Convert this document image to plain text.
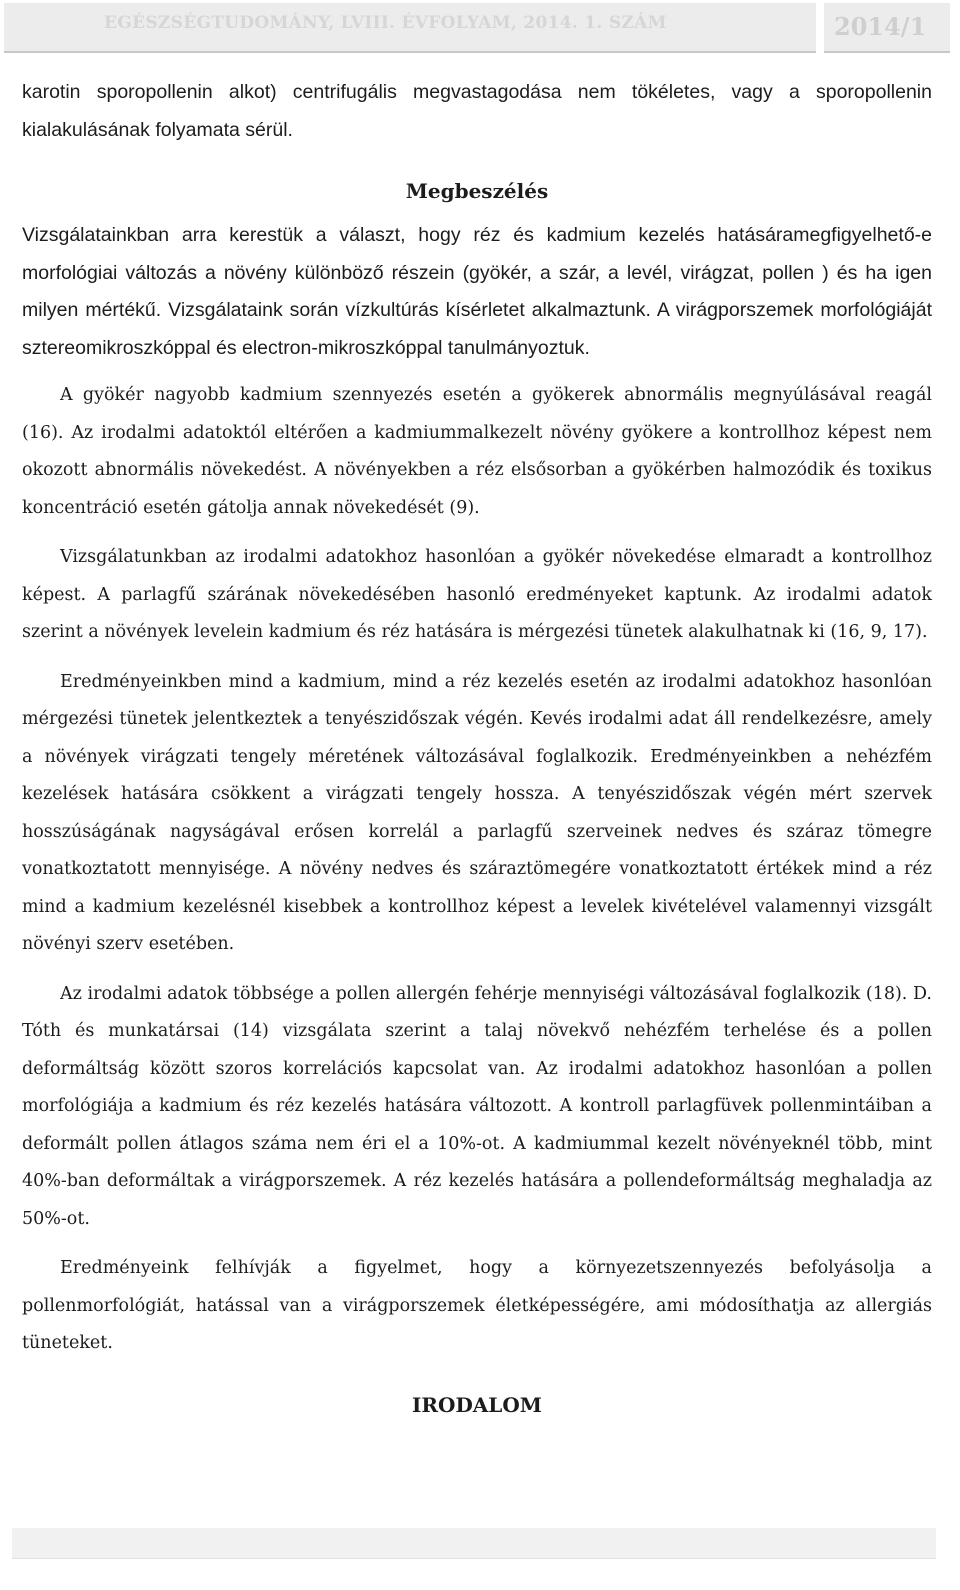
EGÉSZSÉGTUDOMÁNY, LVIII. ÉVFOLYAM, 2014. 1. SZÁM	2014/1

karotin sporopollenin alkot) centrifugális megvastagodása nem tökéletes, vagy a sporopollenin kialakulásának folyamata sérül.

Megbeszélés

Vizsgálatainkban arra kerestük a választ, hogy réz és kadmium kezelés hatásáramegfigyelhető-e morfológiai változás a növény különböző részein (gyökér, a szár, a levél, virágzat, pollen ) és ha igen milyen mértékű. Vizsgálataink során vízkultúrás kísérletet alkalmaztunk. A virágporszemek morfológiáját sztereomikroszkóppal és electron-mikroszkóppal tanulmányoztuk.

A gyökér nagyobb kadmium szennyezés esetén a gyökerek abnormális megnyúlásával reagál (16). Az irodalmi adatoktól eltérően a kadmiummalkezelt növény gyökere a kontrollhoz képest nem okozott abnormális növekedést. A növényekben a réz elsősorban a gyökérben halmozódik és toxikus koncentráció esetén gátolja annak növekedését (9).

Vizsgálatunkban az irodalmi adatokhoz hasonlóan a gyökér növekedése elmaradt a kontrollhoz képest. A parlagfű szárának növekedésében hasonló eredményeket kaptunk. Az irodalmi adatok szerint a növények levelein kadmium és réz hatására is mérgezési tünetek alakulhatnak ki (16, 9, 17).

Eredményeinkben mind a kadmium, mind a réz kezelés esetén az irodalmi adatokhoz hasonlóan mérgezési tünetek jelentkeztek a tenyészidőszak végén. Kevés irodalmi adat áll rendelkezésre, amely a növények virágzati tengely méretének változásával foglalkozik. Eredményeinkben a nehézfém kezelések hatására csökkent a virágzati tengely hossza. A tenyészidőszak végén mért szervek hosszúságának nagyságával erősen korrelál a parlagfű szerveinek nedves és száraz tömegre vonatkoztatott mennyisége. A növény nedves és száraztömegére vonatkoztatott értékek mind a réz mind a kadmium kezelésnél kisebbek a kontrollhoz képest a levelek kivételével valamennyi vizsgált növényi szerv esetében.

Az irodalmi adatok többsége a pollen allergén fehérje mennyiségi változásával foglalkozik (18). D. Tóth és munkatársai (14) vizsgálata szerint a talaj növekvő nehézfém terhelése és a pollen deformáltság között szoros korrelációs kapcsolat van. Az irodalmi adatokhoz hasonlóan a pollen morfológiája a kadmium és réz kezelés hatására változott. A kontroll parlagfüvek pollenmintáiban a deformált pollen átlagos száma nem éri el a 10%-ot. A kadmiummal kezelt növényeknél több, mint 40%-ban deformáltak a virágporszemek. A réz kezelés hatására a pollendeformáltság meghaladja az 50%-ot.

Eredményeink felhívják a figyelmet, hogy a környezetszennyezés befolyásolja a pollenmorfológiát, hatással van a virágporszemek életképességére, ami módosíthatja az allergiás tüneteket.

IRODALOM
